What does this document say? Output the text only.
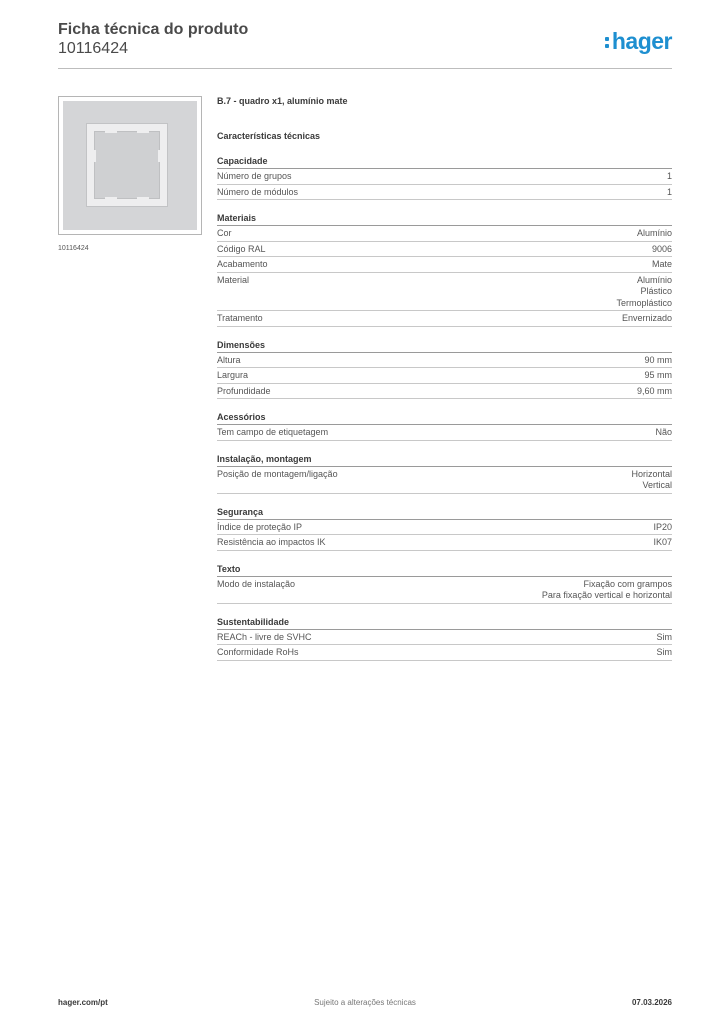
Ficha técnica do produto
10116424	hager
10116424
B.7 - quadro x1, alumínio mate
Características técnicas
Capacidade
Número de grupos	1
Número de módulos	1
Materiais
Cor	Alumínio
Código RAL	9006
Acabamento	Mate
Material	Alumínio
Plástico
Termoplástico
Tratamento	Envernizado
Dimensões
Altura	90 mm
Largura	95 mm
Profundidade	9,60 mm
Acessórios
Tem campo de etiquetagem	Não
Instalação, montagem
Posição de montagem/ligação	Horizontal
Vertical
Segurança
Índice de proteção IP	IP20
Resistência ao impactos IK	IK07
Texto
Modo de instalação	Fixação com grampos
Para fixação vertical e horizontal
Sustentabilidade
REACh - livre de SVHC	Sim
Conformidade RoHs	Sim
hager.com/pt	Sujeito a alterações técnicas	07.03.2026
